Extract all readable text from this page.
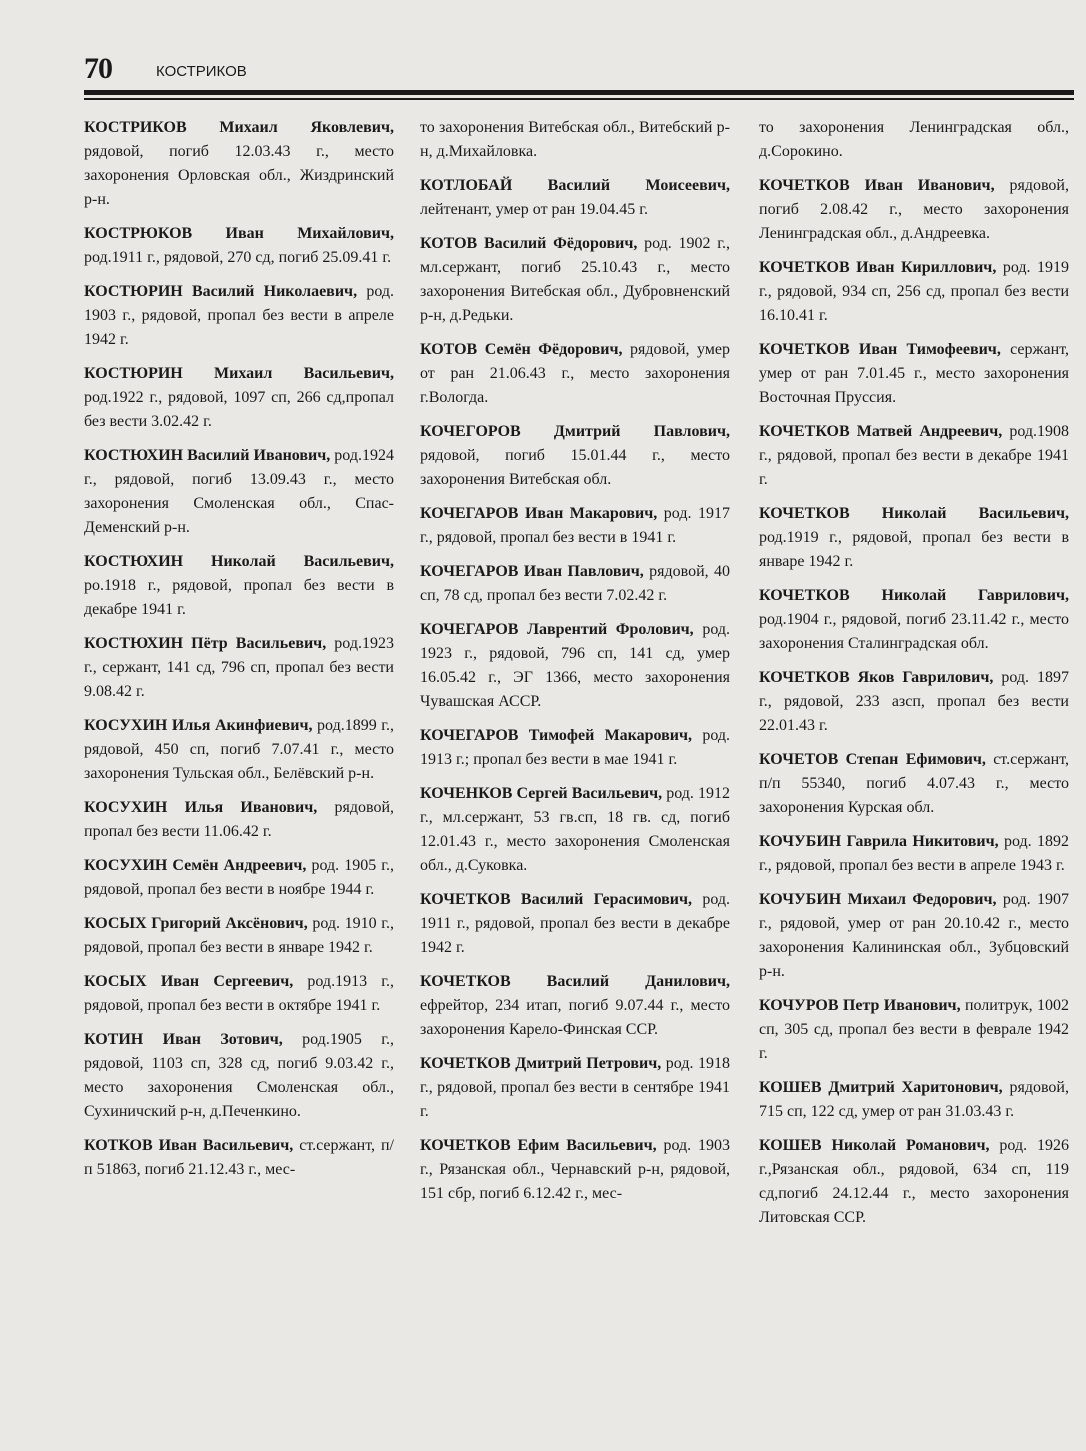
70	КОСТРИКОВ

КОСТРИКОВ Михаил Яковлевич, рядовой, погиб 12.03.43 г., место захоронения Орловская обл., Жиздринский р-н.

КОСТРЮКОВ Иван Михайлович, род.1911 г., рядовой, 270 сд, погиб 25.09.41 г.

КОСТЮРИН Василий Николаевич, род. 1903 г., рядовой, пропал без вести в апреле 1942 г.

КОСТЮРИН Михаил Васильевич, род.1922 г., рядовой, 1097 сп, 266 сд,пропал без вести 3.02.42 г.

КОСТЮХИН Василий Иванович, род.1924 г., рядовой, погиб 13.09.43 г., место захоронения Смоленская обл., Спас-Деменский р-н.

КОСТЮХИН Николай Васильевич, ро.1918 г., рядовой, пропал без вести в декабре 1941 г.

КОСТЮХИН Пётр Васильевич, род.1923 г., сержант, 141 сд, 796 сп, пропал без вести 9.08.42 г.

КОСУХИН Илья Акинфиевич, род.1899 г., рядовой, 450 сп, погиб 7.07.41 г., место захоронения Тульская обл., Белёвский р-н.

КОСУХИН Илья Иванович, рядовой, пропал без вести 11.06.42 г.

КОСУХИН Семён Андреевич, род. 1905 г., рядовой, пропал без вести в ноябре 1944 г.

КОСЫХ Григорий Аксёнович, род. 1910 г., рядовой, пропал без вести в январе 1942 г.

КОСЫХ Иван Сергеевич, род.1913 г., рядовой, пропал без вести в октябре 1941 г.

КОТИН Иван Зотович, род.1905 г., рядовой, 1103 сп, 328 сд, погиб 9.03.42 г., место захоронения Смоленская обл., Сухиничский р-н, д.Печенкино.

КОТКОВ Иван Васильевич, ст.сержант, п/п 51863, погиб 21.12.43 г., мес-

то захоронения Витебская обл., Витебский р-н, д.Михайловка.

КОТЛОБАЙ Василий Моисеевич, лейтенант, умер от ран 19.04.45 г.

КОТОВ Василий Фёдорович, род. 1902 г., мл.сержант, погиб 25.10.43 г., место захоронения Витебская обл., Дубровненский р-н, д.Редьки.

КОТОВ Семён Фёдорович, рядовой, умер от ран 21.06.43 г., место захоронения г.Вологда.

КОЧЕГОРОВ Дмитрий Павлович, рядовой, погиб 15.01.44 г., место захоронения Витебская обл.

КОЧЕГАРОВ Иван Макарович, род. 1917 г., рядовой, пропал без вести в 1941 г.

КОЧЕГАРОВ Иван Павлович, рядовой, 40 сп, 78 сд, пропал без вести 7.02.42 г.

КОЧЕГАРОВ Лаврентий Фролович, род. 1923 г., рядовой, 796 сп, 141 сд, умер 16.05.42 г., ЭГ 1366, место захоронения Чувашская АССР.

КОЧЕГАРОВ Тимофей Макарович, род. 1913 г.; пропал без вести в мае 1941 г.

КОЧЕНКОВ Сергей Васильевич, род. 1912 г., мл.сержант, 53 гв.сп, 18 гв. сд, погиб 12.01.43 г., место захоронения Смоленская обл., д.Суковка.

КОЧЕТКОВ Василий Герасимович, род. 1911 г., рядовой, пропал без вести в декабре 1942 г.

КОЧЕТКОВ Василий Данилович, ефрейтор, 234 итап, погиб 9.07.44 г., место захоронения Карело-Финская ССР.

КОЧЕТКОВ Дмитрий Петрович, род. 1918 г., рядовой, пропал без вести в сентябре 1941 г.

КОЧЕТКОВ Ефим Васильевич, род. 1903 г., Рязанская обл., Чернавский р-н, рядовой, 151 сбр, погиб 6.12.42 г., мес-

то захоронения Ленинградская обл., д.Сорокино.

КОЧЕТКОВ Иван Иванович, рядовой, погиб 2.08.42 г., место захоронения Ленинградская обл., д.Андреевка.

КОЧЕТКОВ Иван Кириллович, род. 1919 г., рядовой, 934 сп, 256 сд, пропал без вести 16.10.41 г.

КОЧЕТКОВ Иван Тимофеевич, сержант, умер от ран 7.01.45 г., место захоронения Восточная Пруссия.

КОЧЕТКОВ Матвей Андреевич, род.1908 г., рядовой, пропал без вести в декабре 1941 г.

КОЧЕТКОВ Николай Васильевич, род.1919 г., рядовой, пропал без вести в январе 1942 г.

КОЧЕТКОВ Николай Гаврилович, род.1904 г., рядовой, погиб 23.11.42 г., место захоронения Сталинградская обл.

КОЧЕТКОВ Яков Гаврилович, род. 1897 г., рядовой, 233 азсп, пропал без вести 22.01.43 г.

КОЧЕТОВ Степан Ефимович, ст.сержант, п/п 55340, погиб 4.07.43 г., место захоронения Курская обл.

КОЧУБИН Гаврила Никитович, род. 1892 г., рядовой, пропал без вести в апреле 1943 г.

КОЧУБИН Михаил Федорович, род. 1907 г., рядовой, умер от ран 20.10.42 г., место захоронения Калининская обл., Зубцовский р-н.

КОЧУРОВ Петр Иванович, политрук, 1002 сп, 305 сд, пропал без вести в феврале 1942 г.

КОШЕВ Дмитрий Харитонович, рядовой, 715 сп, 122 сд, умер от ран 31.03.43 г.

КОШЕВ Николай Романович, род. 1926 г.,Рязанская обл., рядовой, 634 сп, 119 сд,погиб 24.12.44 г., место захоронения Литовская ССР.
